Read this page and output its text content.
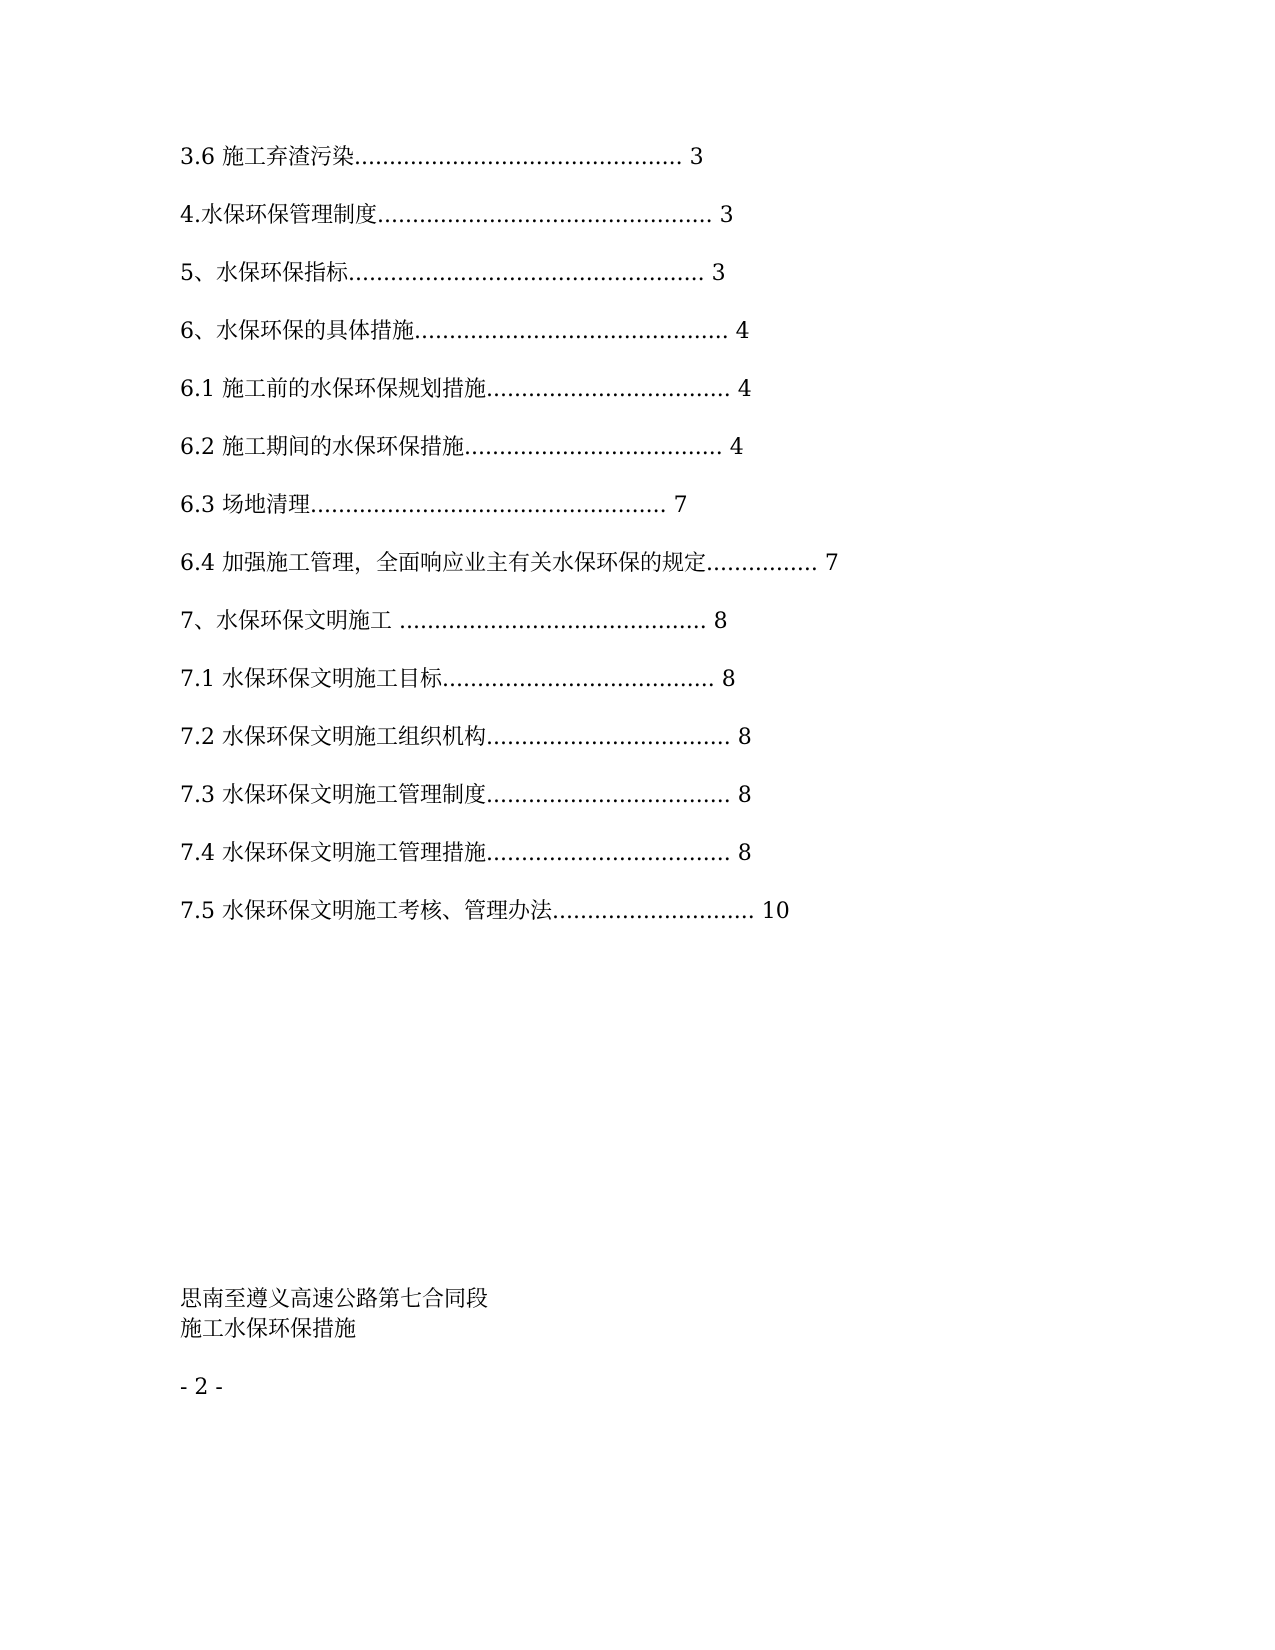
3.6 施工弃渣污染............................................... 3
4.水保环保管理制度................................................ 3
5、水保环保指标................................................... 3
6、水保环保的具体措施............................................. 4
6.1 施工前的水保环保规划措施................................... 4
6.2 施工期间的水保环保措施..................................... 4
6.3 场地清理................................................... 7
6.4 加强施工管理，全面响应业主有关水保环保的规定................ 7
7、水保环保文明施工 ............................................ 8
7.1 水保环保文明施工目标....................................... 8
7.2 水保环保文明施工组织机构................................... 8
7.3 水保环保文明施工管理制度................................... 8
7.4 水保环保文明施工管理措施................................... 8
7.5 水保环保文明施工考核、管理办法............................. 10
思南至遵义高速公路第七合同段
施工水保环保措施
- 2 -
